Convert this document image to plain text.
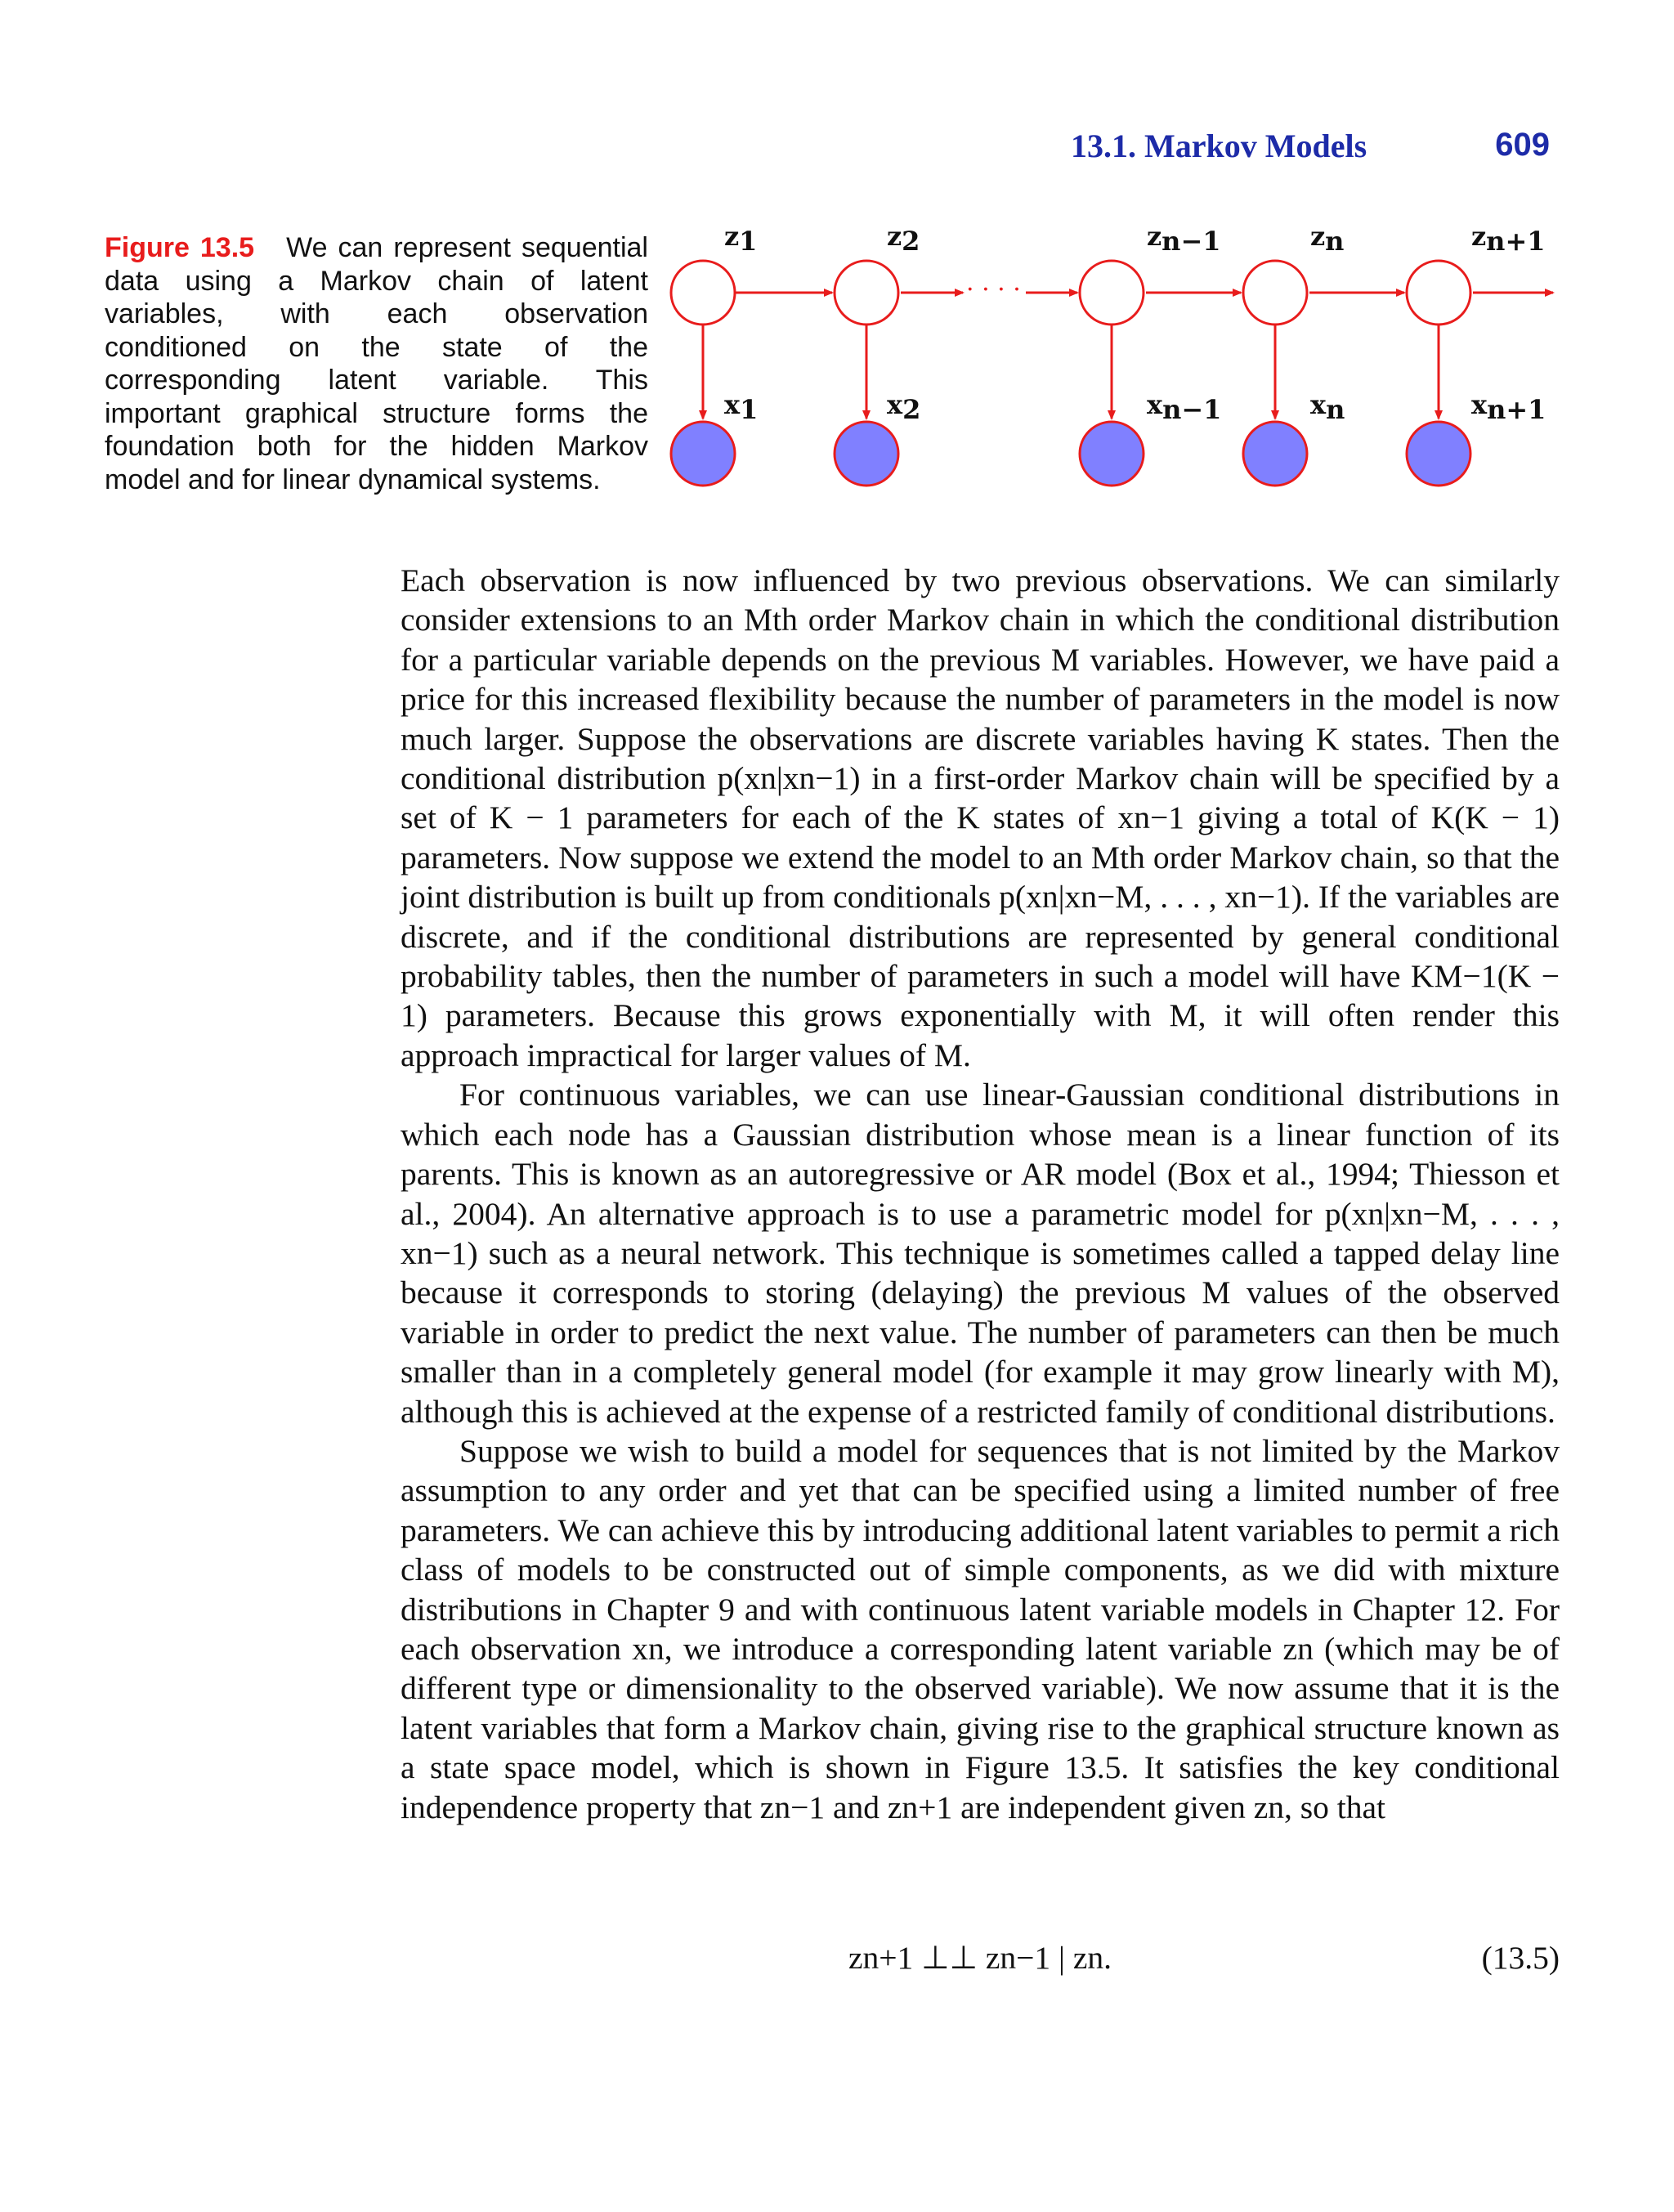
13.1. Markov Models	609
Figure 13.5 We can represent sequential data using a Markov chain of latent variables, with each observation conditioned on the state of the corresponding latent variable. This important graphical structure forms the foundation both for the hidden Markov model and for linear dynamical systems.
z1	z2	zn−1	zn	zn+1
· · · ·
x1	x2	xn−1	xn	xn+1

Each observation is now influenced by two previous observations. We can similarly consider extensions to an Mth order Markov chain in which the conditional distribution for a particular variable depends on the previous M variables. However, we have paid a price for this increased flexibility because the number of parameters in the model is now much larger. Suppose the observations are discrete variables having K states. Then the conditional distribution p(xn|xn−1) in a first-order Markov chain will be specified by a set of K − 1 parameters for each of the K states of xn−1 giving a total of K(K − 1) parameters. Now suppose we extend the model to an Mth order Markov chain, so that the joint distribution is built up from conditionals p(xn|xn−M, . . . , xn−1). If the variables are discrete, and if the conditional distributions are represented by general conditional probability tables, then the number of parameters in such a model will have KM−1(K − 1) parameters. Because this grows exponentially with M, it will often render this approach impractical for larger values of M.

For continuous variables, we can use linear-Gaussian conditional distributions in which each node has a Gaussian distribution whose mean is a linear function of its parents. This is known as an autoregressive or AR model (Box et al., 1994; Thiesson et al., 2004). An alternative approach is to use a parametric model for p(xn|xn−M, . . . , xn−1) such as a neural network. This technique is sometimes called a tapped delay line because it corresponds to storing (delaying) the previous M values of the observed variable in order to predict the next value. The number of parameters can then be much smaller than in a completely general model (for example it may grow linearly with M), although this is achieved at the expense of a restricted family of conditional distributions.

Suppose we wish to build a model for sequences that is not limited by the Markov assumption to any order and yet that can be specified using a limited number of free parameters. We can achieve this by introducing additional latent variables to permit a rich class of models to be constructed out of simple components, as we did with mixture distributions in Chapter 9 and with continuous latent variable models in Chapter 12. For each observation xn, we introduce a corresponding latent variable zn (which may be of different type or dimensionality to the observed variable). We now assume that it is the latent variables that form a Markov chain, giving rise to the graphical structure known as a state space model, which is shown in Figure 13.5. It satisfies the key conditional independence property that zn−1 and zn+1 are independent given zn, so that

zn+1 ⊥⊥ zn−1 | zn.	(13.5)
